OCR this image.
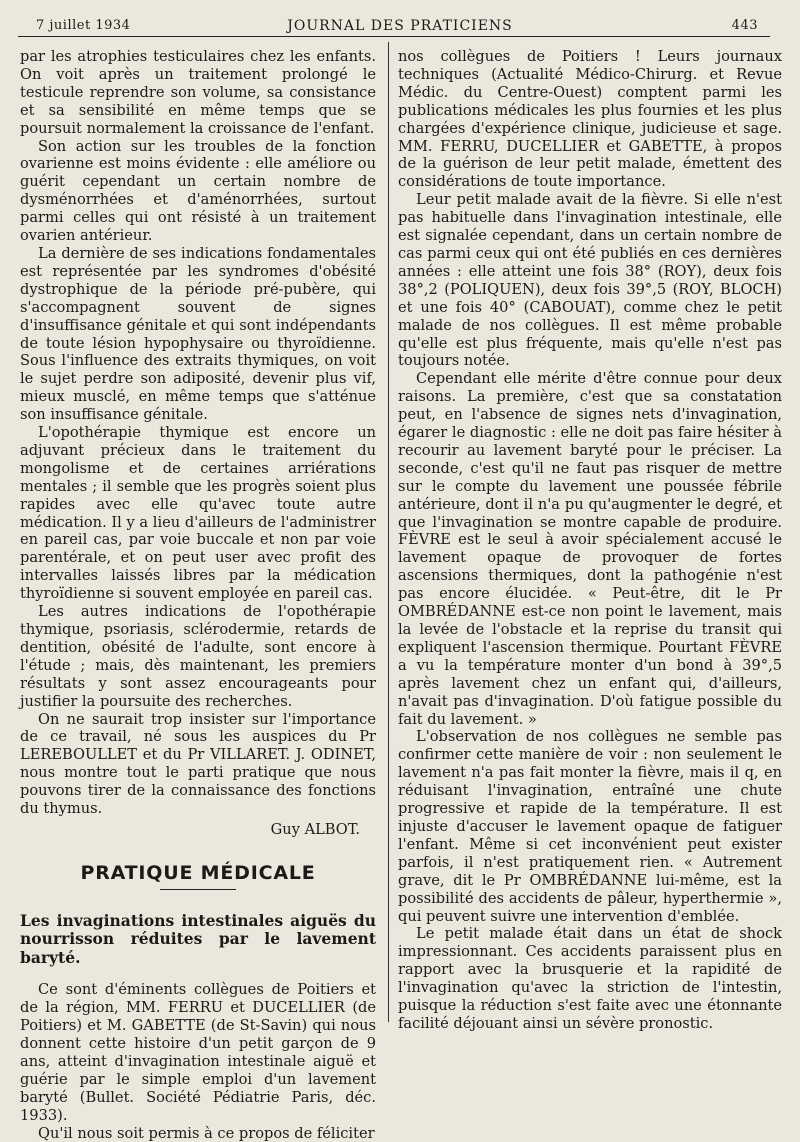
7 juillet 1934	JOURNAL DES PRATICIENS	443

par les atrophies testiculaires chez les enfants. On voit après un traitement prolongé le testicule reprendre son volume, sa consistance et sa sensibilité en même temps que se poursuit normalement la croissance de l'enfant.

Son action sur les troubles de la fonction ovarienne est moins évidente : elle améliore ou guérit cependant un certain nombre de dysménorrhées et d'aménorrhées, surtout parmi celles qui ont résisté à un traitement ovarien antérieur.

La dernière de ses indications fondamentales est représentée par les syndromes d'obésité dystrophique de la période pré-pubère, qui s'accompagnent souvent de signes d'insuffisance génitale et qui sont indépendants de toute lésion hypophysaire ou thyroïdienne. Sous l'influence des extraits thymiques, on voit le sujet perdre son adiposité, devenir plus vif, mieux musclé, en même temps que s'atténue son insuffisance génitale.

L'opothérapie thymique est encore un adjuvant précieux dans le traitement du mongolisme et de certaines arriérations mentales ; il semble que les progrès soient plus rapides avec elle qu'avec toute autre médication. Il y a lieu d'ailleurs de l'administrer en pareil cas, par voie buccale et non par voie parentérale, et on peut user avec profit des intervalles laissés libres par la médication thyroïdienne si souvent employée en pareil cas.

Les autres indications de l'opothérapie thymique, psoriasis, sclérodermie, retards de dentition, obésité de l'adulte, sont encore à l'étude ; mais, dès maintenant, les premiers résultats y sont assez encourageants pour justifier la poursuite des recherches.

On ne saurait trop insister sur l'importance de ce travail, né sous les auspices du Pr LEREBOULLET et du Pr VILLARET. J. ODINET, nous montre tout le parti pratique que nous pouvons tirer de la connaissance des fonctions du thymus.

Guy ALBOT.

PRATIQUE MÉDICALE
Les invaginations intestinales aiguës du nourrisson réduites par le lavement baryté.

Ce sont d'éminents collègues de Poitiers et de la région, MM. FERRU et DUCELLIER (de Poitiers) et M. GABETTE (de St-Savin) qui nous donnent cette histoire d'un petit garçon de 9 ans, atteint d'invagination intestinale aiguë et guérie par le simple emploi d'un lavement baryté (Bullet. Société Pédiatrie Paris, déc. 1933).

Qu'il nous soit permis à ce propos de féliciter

nos collègues de Poitiers ! Leurs journaux techniques (Actualité Médico-Chirurg. et Revue Médic. du Centre-Ouest) comptent parmi les publications médicales les plus fournies et les plus chargées d'expérience clinique, judicieuse et sage. MM. FERRU, DUCELLIER et GABETTE, à propos de la guérison de leur petit malade, émettent des considérations de toute importance.

Leur petit malade avait de la fièvre. Si elle n'est pas habituelle dans l'invagination intestinale, elle est signalée cependant, dans un certain nombre de cas parmi ceux qui ont été publiés en ces dernières années : elle atteint une fois 38° (ROY), deux fois 38°,2 (POLIQUEN), deux fois 39°,5 (ROY, BLOCH) et une fois 40° (CABOUAT), comme chez le petit malade de nos collègues. Il est même probable qu'elle est plus fréquente, mais qu'elle n'est pas toujours notée.

Cependant elle mérite d'être connue pour deux raisons. La première, c'est que sa constatation peut, en l'absence de signes nets d'invagination, égarer le diagnostic : elle ne doit pas faire hésiter à recourir au lavement baryté pour le préciser. La seconde, c'est qu'il ne faut pas risquer de mettre sur le compte du lavement une poussée fébrile antérieure, dont il n'a pu qu'augmenter le degré, et que l'invagination se montre capable de produire. FÈVRE est le seul à avoir spécialement accusé le lavement opaque de provoquer de fortes ascensions thermiques, dont la pathogénie n'est pas encore élucidée. « Peut-être, dit le Pr OMBRÉDANNE est-ce non point le lavement, mais la levée de l'obstacle et la reprise du transit qui expliquent l'ascension thermique. Pourtant FÈVRE a vu la température monter d'un bond à 39°,5 après lavement chez un enfant qui, d'ailleurs, n'avait pas d'invagination. D'où fatigue possible du fait du lavement. »

L'observation de nos collègues ne semble pas confirmer cette manière de voir : non seulement le lavement n'a pas fait monter la fièvre, mais il q, en réduisant l'invagination, entraîné une chute progressive et rapide de la température. Il est injuste d'accuser le lavement opaque de fatiguer l'enfant. Même si cet inconvénient peut exister parfois, il n'est pratiquement rien. « Autrement grave, dit le Pr OMBRÉDANNE lui-même, est la possibilité des accidents de pâleur, hyperthermie », qui peuvent suivre une intervention d'emblée.

Le petit malade était dans un état de shock impressionnant. Ces accidents paraissent plus en rapport avec la brusquerie et la rapidité de l'invagination qu'avec la striction de l'intestin, puisque la réduction s'est faite avec une étonnante facilité déjouant ainsi un sévère pronostic.
